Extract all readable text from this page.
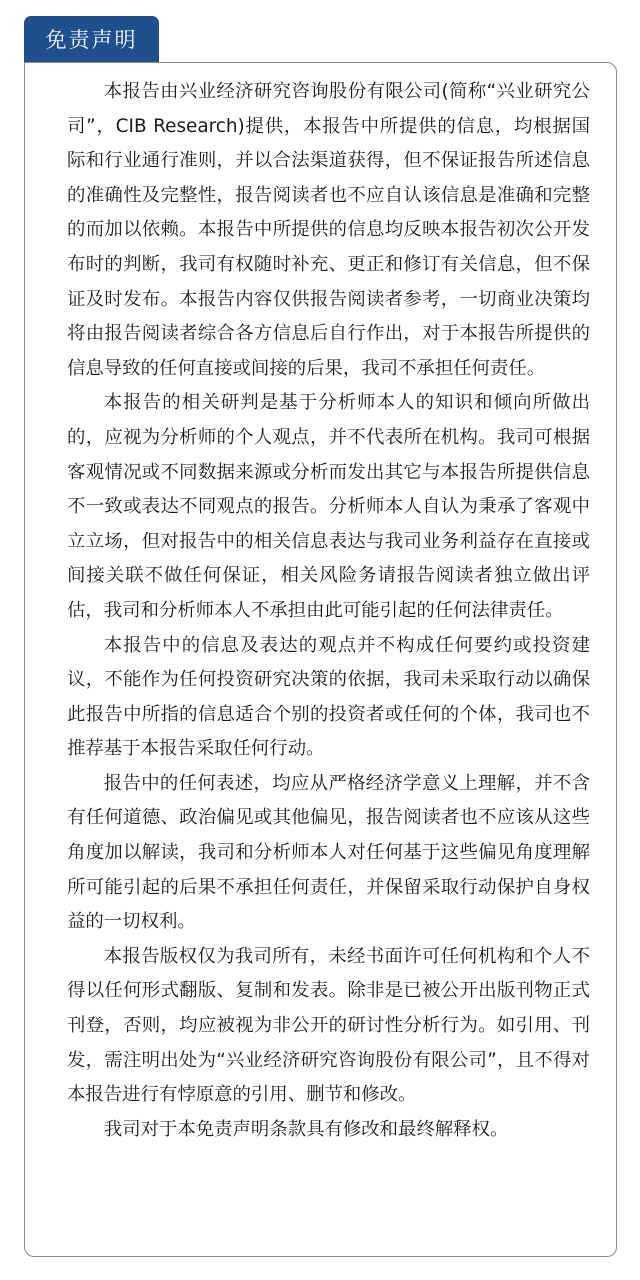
免责声明

本报告由兴业经济研究咨询股份有限公司(简称“兴业研究公司”，CIB Research)提供，本报告中所提供的信息，均根据国际和行业通行准则，并以合法渠道获得，但不保证报告所述信息的准确性及完整性，报告阅读者也不应自认该信息是准确和完整的而加以依赖。本报告中所提供的信息均反映本报告初次公开发布时的判断，我司有权随时补充、更正和修订有关信息，但不保证及时发布。本报告内容仅供报告阅读者参考，一切商业决策均将由报告阅读者综合各方信息后自行作出，对于本报告所提供的信息导致的任何直接或间接的后果，我司不承担任何责任。

本报告的相关研判是基于分析师本人的知识和倾向所做出的，应视为分析师的个人观点，并不代表所在机构。我司可根据客观情况或不同数据来源或分析而发出其它与本报告所提供信息不一致或表达不同观点的报告。分析师本人自认为秉承了客观中立立场，但对报告中的相关信息表达与我司业务利益存在直接或间接关联不做任何保证，相关风险务请报告阅读者独立做出评估，我司和分析师本人不承担由此可能引起的任何法律责任。

本报告中的信息及表达的观点并不构成任何要约或投资建议，不能作为任何投资研究决策的依据，我司未采取行动以确保此报告中所指的信息适合个别的投资者或任何的个体，我司也不推荐基于本报告采取任何行动。

报告中的任何表述，均应从严格经济学意义上理解，并不含有任何道德、政治偏见或其他偏见，报告阅读者也不应该从这些角度加以解读，我司和分析师本人对任何基于这些偏见角度理解所可能引起的后果不承担任何责任，并保留采取行动保护自身权益的一切权利。

本报告版权仅为我司所有，未经书面许可任何机构和个人不得以任何形式翻版、复制和发表。除非是已被公开出版刊物正式刊登，否则，均应被视为非公开的研讨性分析行为。如引用、刊发，需注明出处为“兴业经济研究咨询股份有限公司”，且不得对本报告进行有悖原意的引用、删节和修改。

我司对于本免责声明条款具有修改和最终解释权。
